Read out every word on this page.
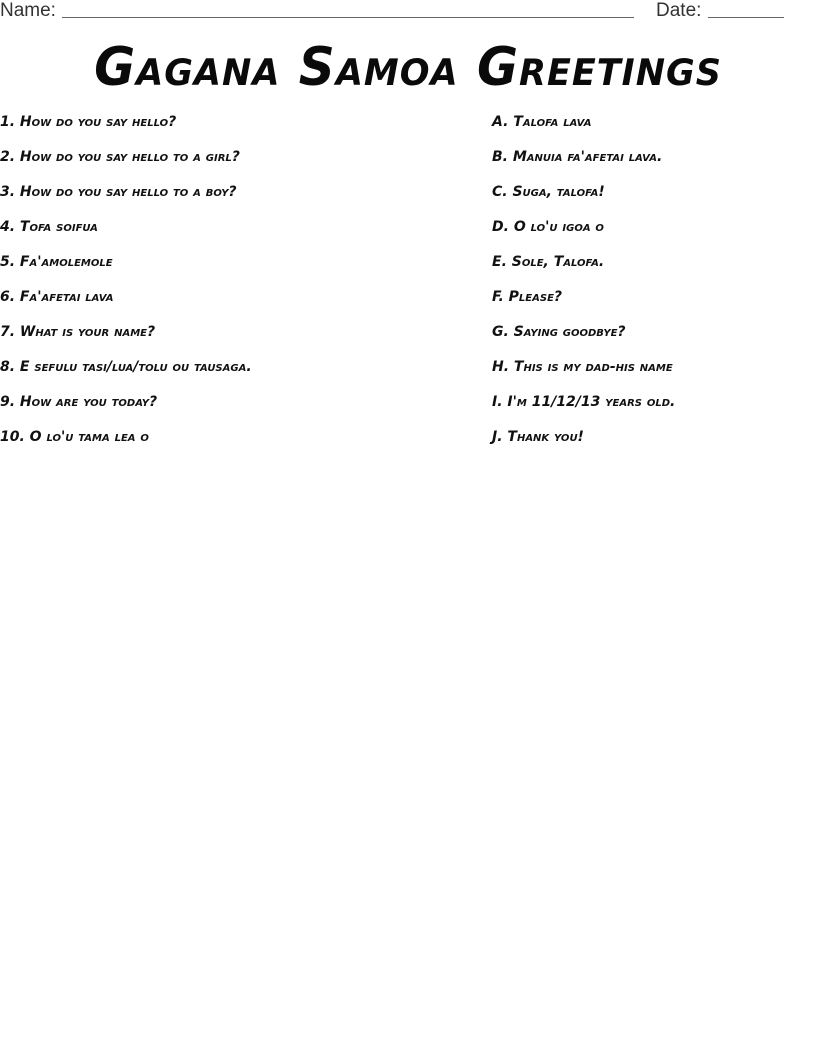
Name:	Date:
Gagana Samoa Greetings
1. How do you say hello?
2. How do you say hello to a girl?
3. How do you say hello to a boy?
4. Tofa soifua
5. Fa'amolemole
6. Fa'afetai lava
7. What is your name?
8. E sefulu tasi/lua/tolu ou tausaga.
9. How are you today?
10. O lo'u tama lea o
A. Talofa lava
B. Manuia fa'afetai lava.
C. Suga, talofa!
D. O lo'u igoa o
E. Sole, Talofa.
F. Please?
G. Saying goodbye?
H. This is my dad-his name
I. I'm 11/12/13 years old.
J. Thank you!
